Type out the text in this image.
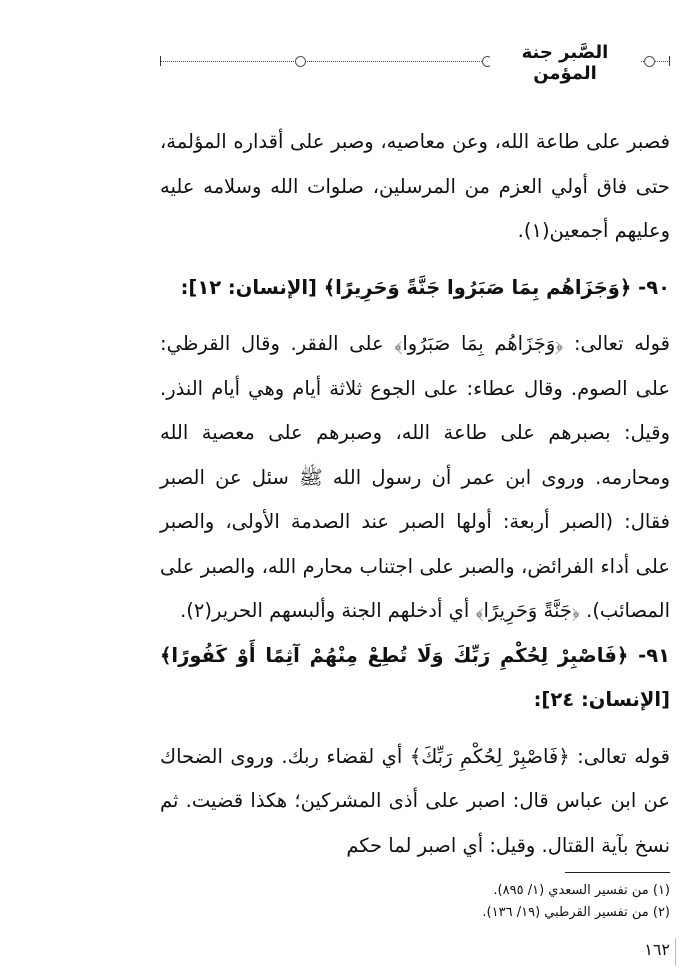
الصَّبر جنة المؤمن

فصبر على طاعة الله، وعن معاصيه، وصبر على أقداره المؤلمة، حتى فاق أولي العزم من المرسلين، صلوات الله وسلامه عليه وعليهم أجمعين(١).

٩٠- ﴿وَجَزَاهُم بِمَا صَبَرُوا جَنَّةً وَحَرِيرًا﴾ [الإنسان: ١٢]:

قوله تعالى: ﴿وَجَزَاهُم بِمَا صَبَرُوا﴾ على الفقر. وقال القرظي: على الصوم. وقال عطاء: على الجوع ثلاثة أيام وهي أيام النذر. وقيل: بصبرهم على طاعة الله، وصبرهم على معصية الله ومحارمه. وروى ابن عمر أن رسول الله ﷺ سئل عن الصبر فقال: (الصبر أربعة: أولها الصبر عند الصدمة الأولى، والصبر على أداء الفرائض، والصبر على اجتناب محارم الله، والصبر على المصائب). ﴿جَنَّةً وَحَرِيرًا﴾ أي أدخلهم الجنة وألبسهم الحرير(٢).

٩١- ﴿فَاصْبِرْ لِحُكْمِ رَبِّكَ وَلَا تُطِعْ مِنْهُمْ آثِمًا أَوْ كَفُورًا﴾ [الإنسان: ٢٤]:

قوله تعالى: ﴿فَاصْبِرْ لِحُكْمِ رَبِّكَ﴾ أي لقضاء ربك. وروى الضحاك عن ابن عباس قال: اصبر على أذى المشركين؛ هكذا قضيت. ثم نسخ بآية القتال. وقيل: أي اصبر لما حكم

(١) من تفسير السعدي (١/ ٨٩٥).
(٢) من تفسير القرطبي (١٩/ ١٣٦).
١٦٢
